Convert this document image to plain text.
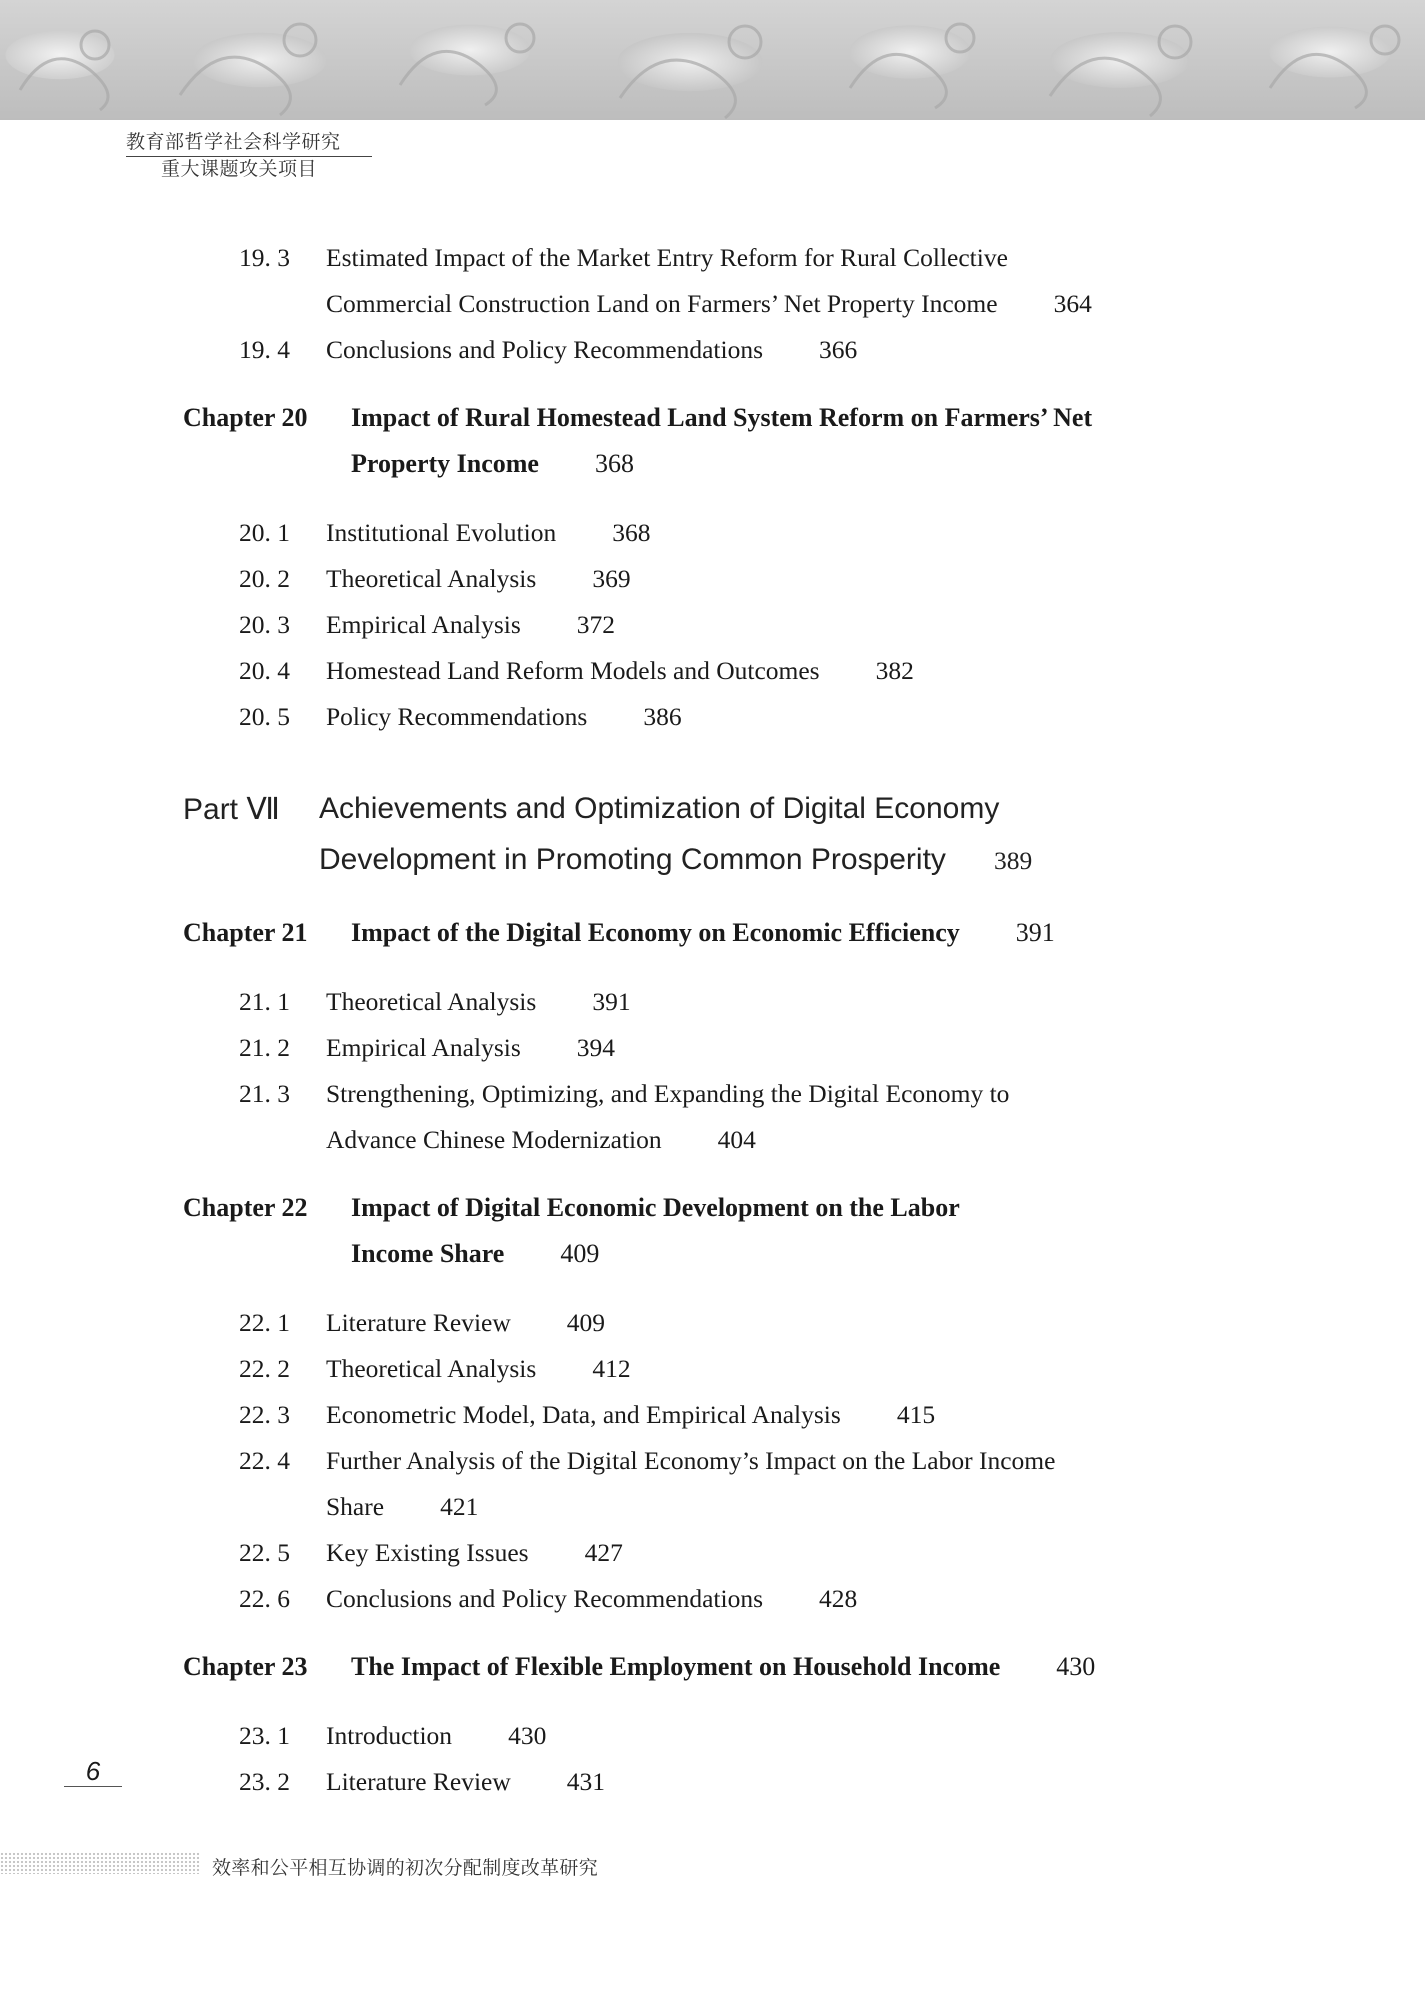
教育部哲学社会科学研究
重大课题攻关项目
19. 3 Estimated Impact of the Market Entry Reform for Rural Collective
Commercial Construction Land on Farmers’ Net Property Income 364
19. 4 Conclusions and Policy Recommendations 366
Chapter 20 Impact of Rural Homestead Land System Reform on Farmers’ Net
Property Income 368
20. 1 Institutional Evolution 368
20. 2 Theoretical Analysis 369
20. 3 Empirical Analysis 372
20. 4 Homestead Land Reform Models and Outcomes 382
20. 5 Policy Recommendations 386
Part Ⅶ Achievements and Optimization of Digital Economy
Development in Promoting Common Prosperity 389
Chapter 21 Impact of the Digital Economy on Economic Efficiency 391
21. 1 Theoretical Analysis 391
21. 2 Empirical Analysis 394
21. 3 Strengthening, Optimizing, and Expanding the Digital Economy to
Advance Chinese Modernization 404
Chapter 22 Impact of Digital Economic Development on the Labor
Income Share 409
22. 1 Literature Review 409
22. 2 Theoretical Analysis 412
22. 3 Econometric Model, Data, and Empirical Analysis 415
22. 4 Further Analysis of the Digital Economy’s Impact on the Labor Income
Share 421
22. 5 Key Existing Issues 427
22. 6 Conclusions and Policy Recommendations 428
Chapter 23 The Impact of Flexible Employment on Household Income 430
23. 1 Introduction 430
23. 2 Literature Review 431
6
效率和公平相互协调的初次分配制度改革研究
